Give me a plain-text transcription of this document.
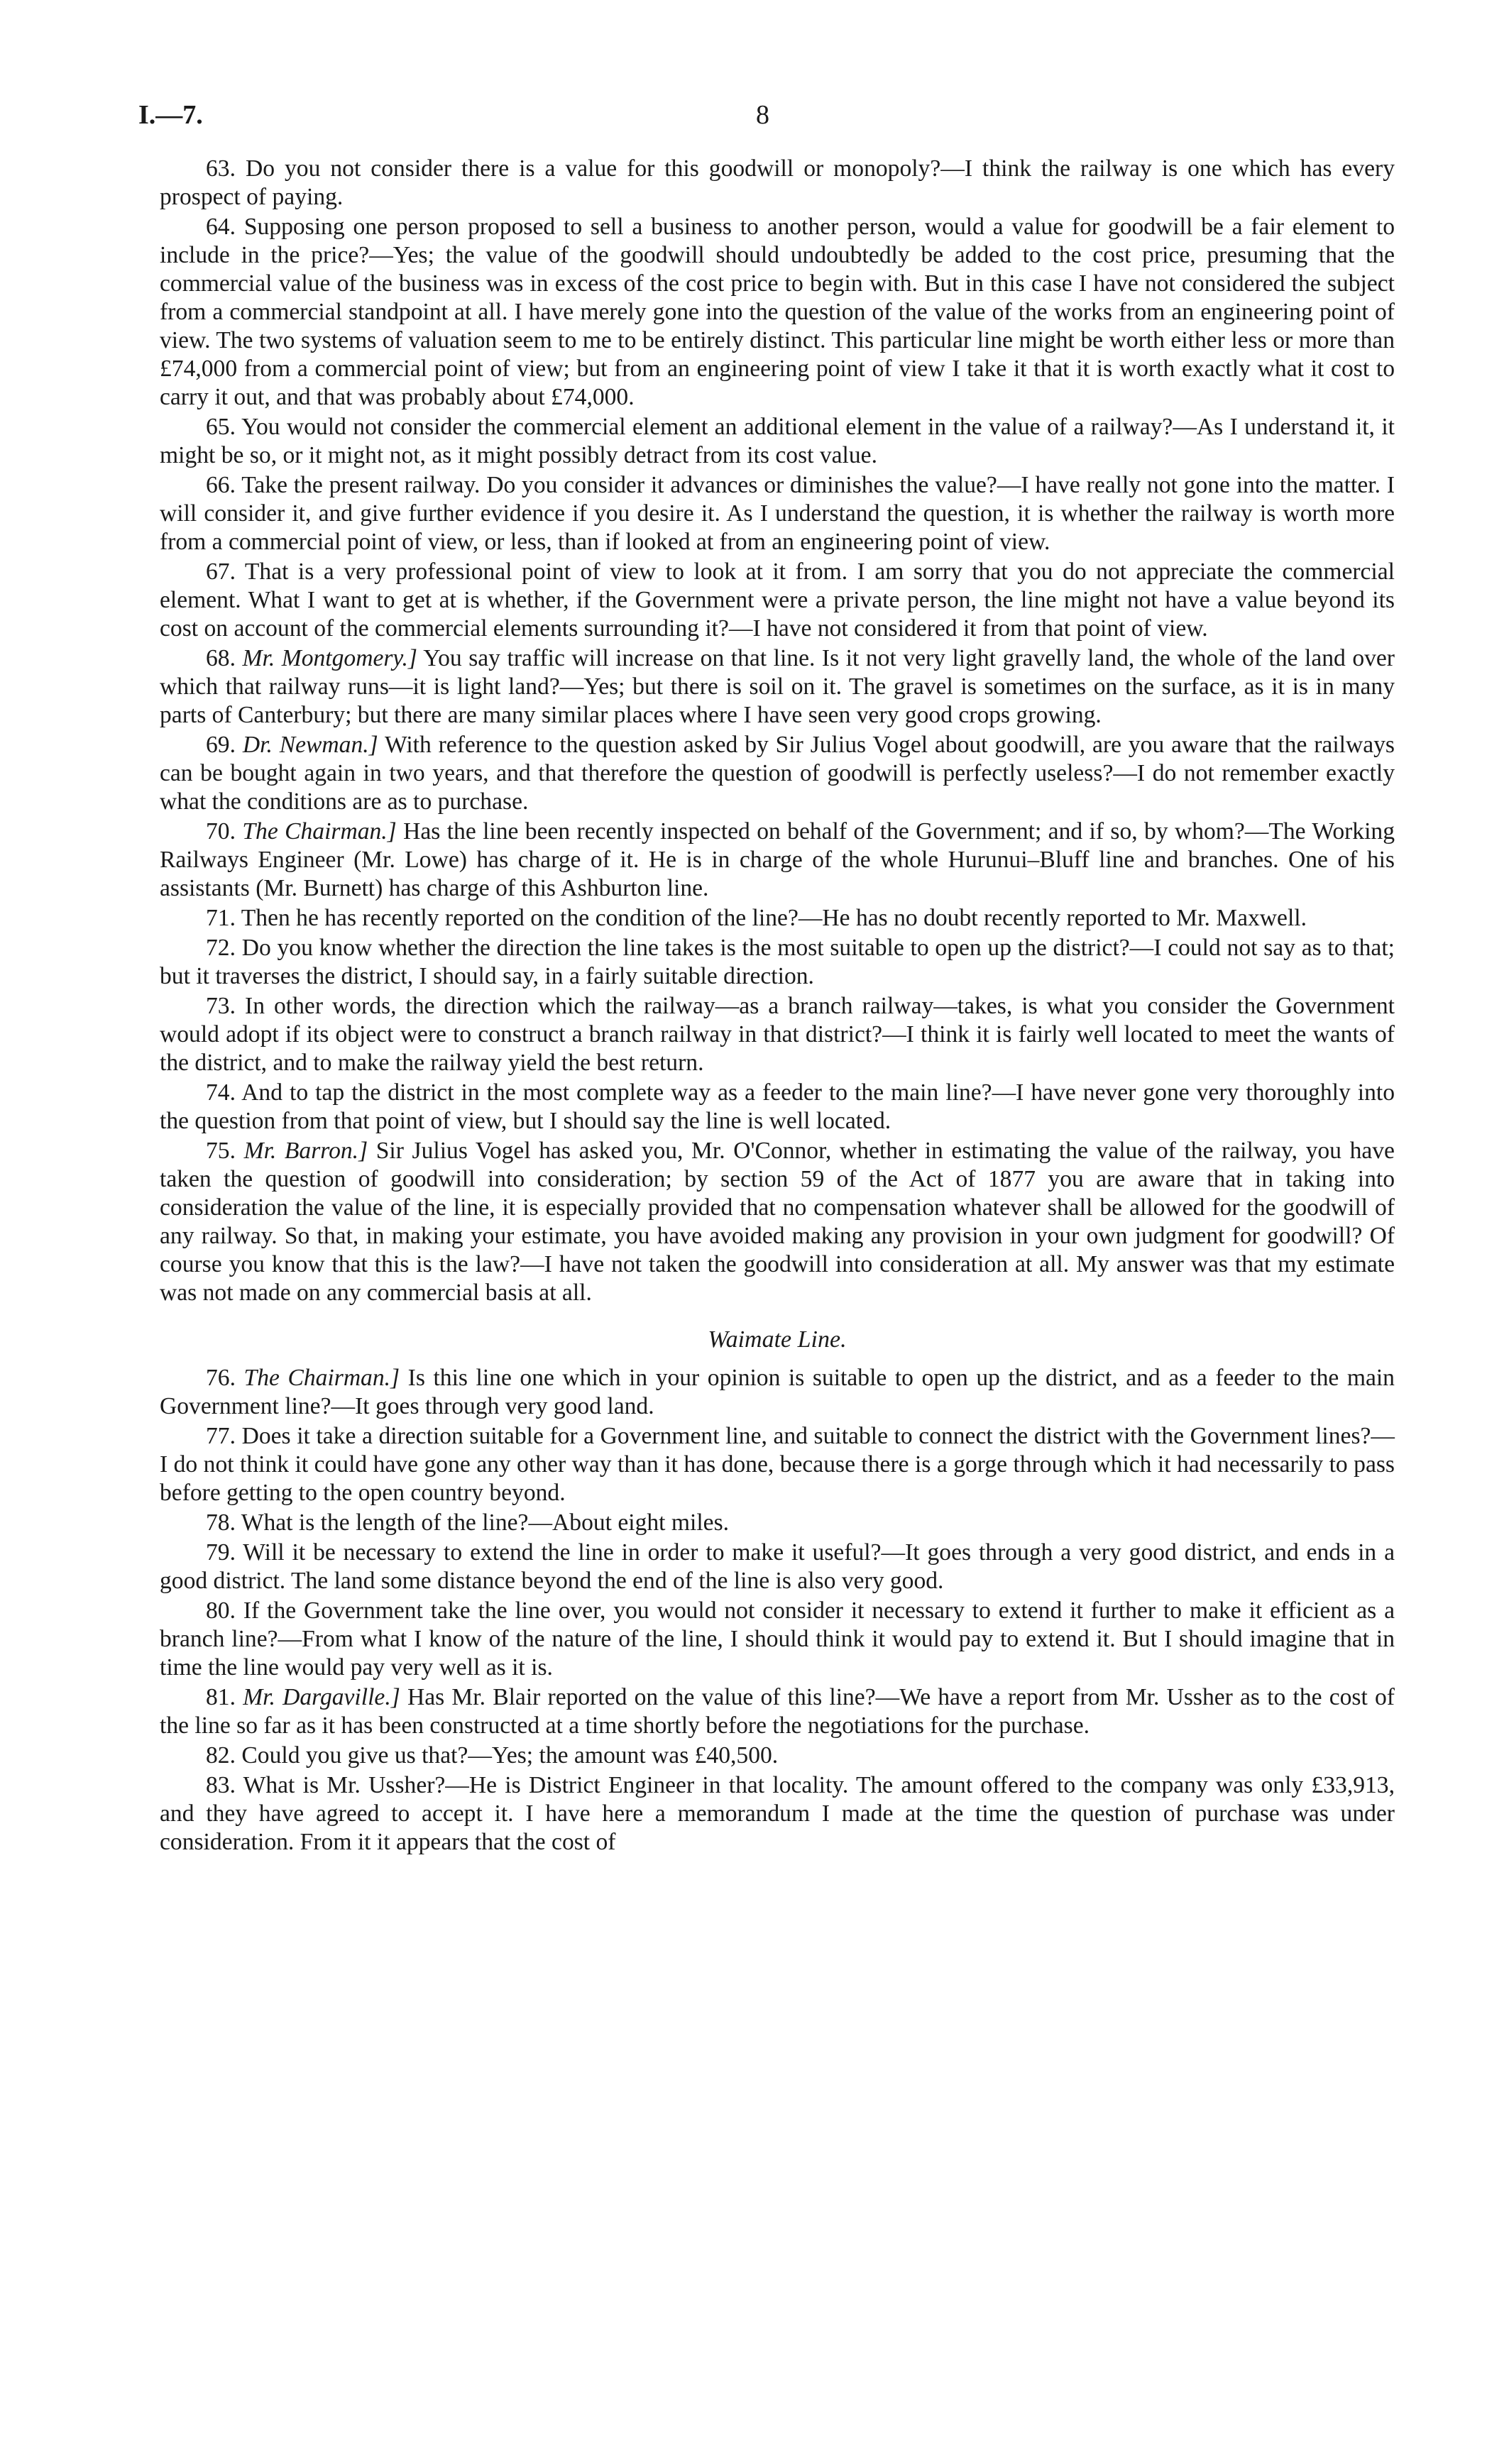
I.—7.	8

63. Do you not consider there is a value for this goodwill or monopoly?—I think the railway is one which has every prospect of paying.

64. Supposing one person proposed to sell a business to another person, would a value for goodwill be a fair element to include in the price?—Yes; the value of the goodwill should undoubtedly be added to the cost price, presuming that the commercial value of the business was in excess of the cost price to begin with. But in this case I have not considered the subject from a commercial standpoint at all. I have merely gone into the question of the value of the works from an engineering point of view. The two systems of valuation seem to me to be entirely distinct. This particular line might be worth either less or more than £74,000 from a commercial point of view; but from an engineering point of view I take it that it is worth exactly what it cost to carry it out, and that was probably about £74,000.

65. You would not consider the commercial element an additional element in the value of a railway?—As I understand it, it might be so, or it might not, as it might possibly detract from its cost value.

66. Take the present railway. Do you consider it advances or diminishes the value?—I have really not gone into the matter. I will consider it, and give further evidence if you desire it. As I understand the question, it is whether the railway is worth more from a commercial point of view, or less, than if looked at from an engineering point of view.

67. That is a very professional point of view to look at it from. I am sorry that you do not appreciate the commercial element. What I want to get at is whether, if the Government were a private person, the line might not have a value beyond its cost on account of the commercial elements surrounding it?—I have not considered it from that point of view.

68. Mr. Montgomery.] You say traffic will increase on that line. Is it not very light gravelly land, the whole of the land over which that railway runs—it is light land?—Yes; but there is soil on it. The gravel is sometimes on the surface, as it is in many parts of Canterbury; but there are many similar places where I have seen very good crops growing.

69. Dr. Newman.] With reference to the question asked by Sir Julius Vogel about goodwill, are you aware that the railways can be bought again in two years, and that therefore the question of goodwill is perfectly useless?—I do not remember exactly what the conditions are as to purchase.

70. The Chairman.] Has the line been recently inspected on behalf of the Government; and if so, by whom?—The Working Railways Engineer (Mr. Lowe) has charge of it. He is in charge of the whole Hurunui–Bluff line and branches. One of his assistants (Mr. Burnett) has charge of this Ashburton line.

71. Then he has recently reported on the condition of the line?—He has no doubt recently reported to Mr. Maxwell.

72. Do you know whether the direction the line takes is the most suitable to open up the district?—I could not say as to that; but it traverses the district, I should say, in a fairly suitable direction.

73. In other words, the direction which the railway—as a branch railway—takes, is what you consider the Government would adopt if its object were to construct a branch railway in that district?—I think it is fairly well located to meet the wants of the district, and to make the railway yield the best return.

74. And to tap the district in the most complete way as a feeder to the main line?—I have never gone very thoroughly into the question from that point of view, but I should say the line is well located.

75. Mr. Barron.] Sir Julius Vogel has asked you, Mr. O'Connor, whether in estimating the value of the railway, you have taken the question of goodwill into consideration; by section 59 of the Act of 1877 you are aware that in taking into consideration the value of the line, it is especially provided that no compensation whatever shall be allowed for the goodwill of any railway. So that, in making your estimate, you have avoided making any provision in your own judgment for goodwill? Of course you know that this is the law?—I have not taken the goodwill into consideration at all. My answer was that my estimate was not made on any commercial basis at all.

Waimate Line.

76. The Chairman.] Is this line one which in your opinion is suitable to open up the district, and as a feeder to the main Government line?—It goes through very good land.

77. Does it take a direction suitable for a Government line, and suitable to connect the district with the Government lines?—I do not think it could have gone any other way than it has done, because there is a gorge through which it had necessarily to pass before getting to the open country beyond.

78. What is the length of the line?—About eight miles.

79. Will it be necessary to extend the line in order to make it useful?—It goes through a very good district, and ends in a good district. The land some distance beyond the end of the line is also very good.

80. If the Government take the line over, you would not consider it necessary to extend it further to make it efficient as a branch line?—From what I know of the nature of the line, I should think it would pay to extend it. But I should imagine that in time the line would pay very well as it is.

81. Mr. Dargaville.] Has Mr. Blair reported on the value of this line?—We have a report from Mr. Ussher as to the cost of the line so far as it has been constructed at a time shortly before the negotiations for the purchase.

82. Could you give us that?—Yes; the amount was £40,500.

83. What is Mr. Ussher?—He is District Engineer in that locality. The amount offered to the company was only £33,913, and they have agreed to accept it. I have here a memorandum I made at the time the question of purchase was under consideration. From it it appears that the cost of
